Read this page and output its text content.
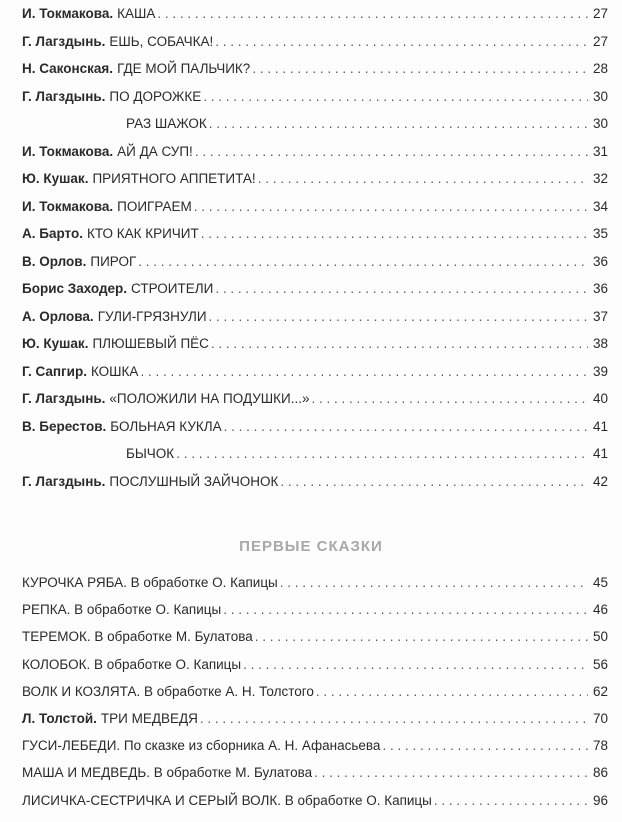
И. Токмакова. КАША . . .	27
Г. Лагздынь. ЕШЬ, СОБАЧКА! . . .	27
Н. Саконская. ГДЕ МОЙ ПАЛЬЧИК? . . .	28
Г. Лагздынь. ПО ДОРОЖКЕ . . .	30
РАЗ ШАЖОК . . .	30
И. Токмакова. АЙ ДА СУП! . . .	31
Ю. Кушак. ПРИЯТНОГО АППЕТИТА! . . .	32
И. Токмакова. ПОИГРАЕМ . . .	34
А. Барто. КТО КАК КРИЧИТ . . .	35
В. Орлов. ПИРОГ . . .	36
Борис Заходер. СТРОИТЕЛИ . . .	36
А. Орлова. ГУЛИ-ГРЯЗНУЛИ . . .	37
Ю. Кушак. ПЛЮШЕВЫЙ ПЁС . . .	38
Г. Сапгир. КОШКА . . .	39
Г. Лагздынь. «ПОЛОЖИЛИ НА ПОДУШКИ...» . . .	40
В. Берестов. БОЛЬНАЯ КУКЛА . . .	41
БЫЧОК . . .	41
Г. Лагздынь. ПОСЛУШНЫЙ ЗАЙЧОНОК . . .	42
ПЕРВЫЕ СКАЗКИ
КУРОЧКА РЯБА. В обработке О. Капицы . . .	45
РЕПКА. В обработке О. Капицы . . .	46
ТЕРЕМОК. В обработке М. Булатова . . .	50
КОЛОБОК. В обработке О. Капицы . . .	56
ВОЛК И КОЗЛЯТА. В обработке А. Н. Толстого . . .	62
Л. Толстой. ТРИ МЕДВЕДЯ . . .	70
ГУСИ-ЛЕБЕДИ. По сказке из сборника А. Н. Афанасьева . . .	78
МАША И МЕДВЕДЬ. В обработке М. Булатова . . .	86
ЛИСИЧКА-СЕСТРИЧКА И СЕРЫЙ ВОЛК. В обработке О. Капицы . . .	96
